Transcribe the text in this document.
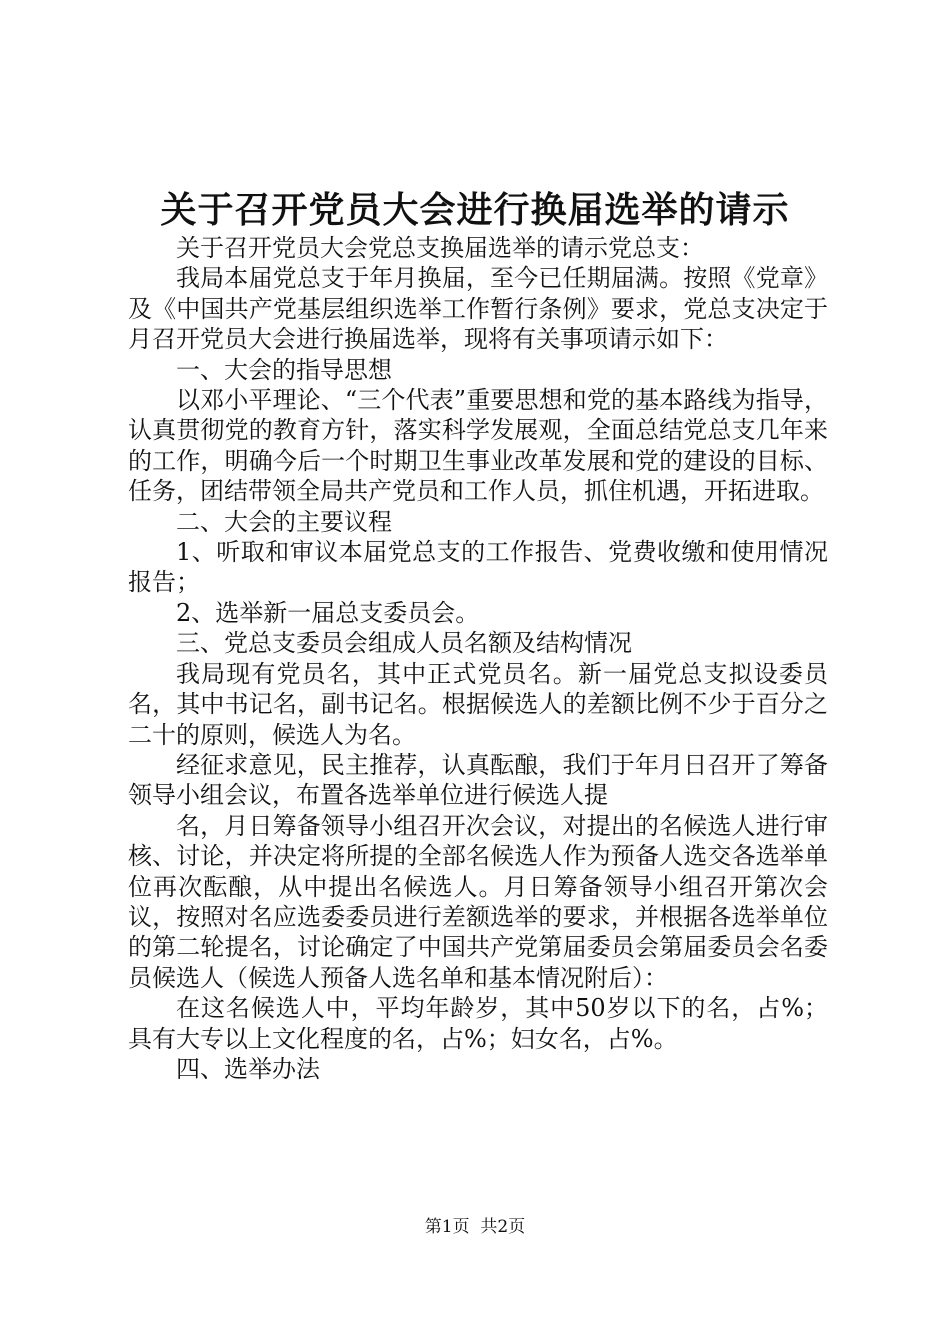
关于召开党员大会进行换届选举的请示

关于召开党员大会党总支换届选举的请示党总支：

我局本届党总支于年月换届，至今已任期届满。按照《党章》及《中国共产党基层组织选举工作暂行条例》要求，党总支决定于月召开党员大会进行换届选举，现将有关事项请示如下：

一、大会的指导思想

以邓小平理论、“三个代表”重要思想和党的基本路线为指导，认真贯彻党的教育方针，落实科学发展观，全面总结党总支几年来的工作，明确今后一个时期卫生事业改革发展和党的建设的目标、任务，团结带领全局共产党员和工作人员，抓住机遇，开拓进取。

二、大会的主要议程

1、听取和审议本届党总支的工作报告、党费收缴和使用情况报告；

2、选举新一届总支委员会。

三、党总支委员会组成人员名额及结构情况

我局现有党员名，其中正式党员名。新一届党总支拟设委员名，其中书记名，副书记名。根据候选人的差额比例不少于百分之二十的原则，候选人为名。

经征求意见，民主推荐，认真酝酿，我们于年月日召开了筹备领导小组会议，布置各选举单位进行候选人提

名，月日筹备领导小组召开次会议，对提出的名候选人进行审核、讨论，并决定将所提的全部名候选人作为预备人选交各选举单位再次酝酿，从中提出名候选人。月日筹备领导小组召开第次会议，按照对名应选委委员进行差额选举的要求，并根据各选举单位的第二轮提名，讨论确定了中国共产党第届委员会第届委员会名委员候选人（候选人预备人选名单和基本情况附后）：

在这名候选人中，平均年龄岁，其中50岁以下的名，占%；具有大专以上文化程度的名，占%；妇女名，占%。

四、选举办法

第1页 共2页
